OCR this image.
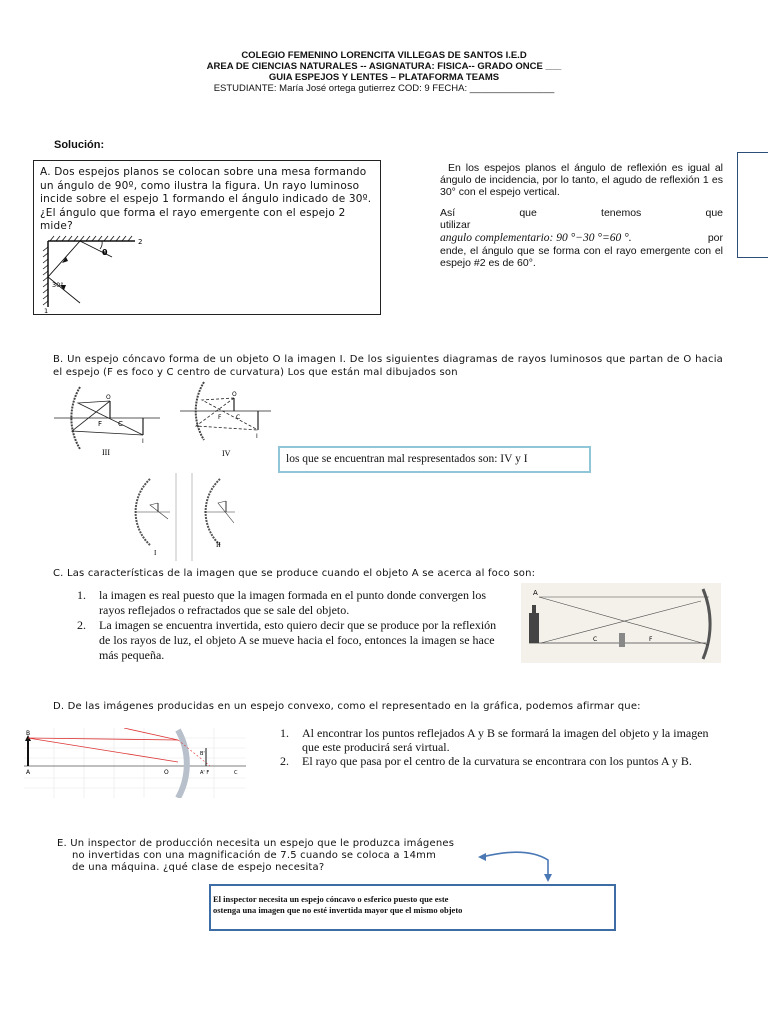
COLEGIO FEMENINO LORENCITA VILLEGAS DE SANTOS I.E.D
AREA DE CIENCIAS NATURALES -- ASIGNATURA: FISICA-- GRADO ONCE ___
GUIA ESPEJOS Y LENTES – PLATAFORMA TEAMS
ESTUDIANTE: María José ortega gutierrez COD: 9 FECHA: ________________
Solución:
A. Dos espejos planos se colocan sobre una mesa formando un ángulo de 90º, como ilustra la figura. Un rayo luminoso incide sobre el espejo 1 formando el ángulo indicado de 30º. ¿El ángulo que forma el rayo emergente con el espejo 2 mide?
2
θ
30°
1
En los espejos planos el ángulo de reflexión es igual al ángulo de incidencia, por lo tanto, el agudo de reflexión 1 es 30° con el espejo vertical.
Así que tenemos que utilizar
angulo complementario: 90 °−30 °=60 °.	por
ende, el ángulo que se forma con el rayo emergente con el espejo #2 es de 60°.
B. Un espejo cóncavo forma de un objeto O la imagen I. De los siguientes diagramas de rayos luminosos que partan de O hacia el espejo (F es foco y C centro de curvatura) Los que están mal dibujados son
O
F C
I
III
O
F C
I
IV
I
II
los que se encuentran mal respresentados son: IV y I
C. Las características de la imagen que se produce cuando el objeto A se acerca al foco son:
1. la imagen es real puesto que la imagen formada en el punto donde convergen los rayos reflejados o refractados que se sale del objeto.
2. La imagen se encuentra invertida, esto quiero decir que se produce por la reflexión de los rayos de luz, el objeto A se mueve hacia el foco, entonces la imagen se hace más pequeña.
A
C	F
D. De las imágenes producidas en un espejo convexo, como el representado en la gráfica, podemos afirmar que:
B
A	O
B'
A' F	C
1. Al encontrar los puntos reflejados A y B se formará la imagen del objeto y la imagen que este producirá será virtual.
2. El rayo que pasa por el centro de la curvatura se encontrara con los puntos A y B.
E. Un inspector de producción necesita un espejo que le produzca imágenes
no invertidas con una magnificación de 7.5 cuando se coloca a 14mm
de una máquina. ¿qué clase de espejo necesita?
El inspector necesita un espejo cóncavo o esferico puesto que este
ostenga una imagen que no esté invertida mayor que el mismo objeto
